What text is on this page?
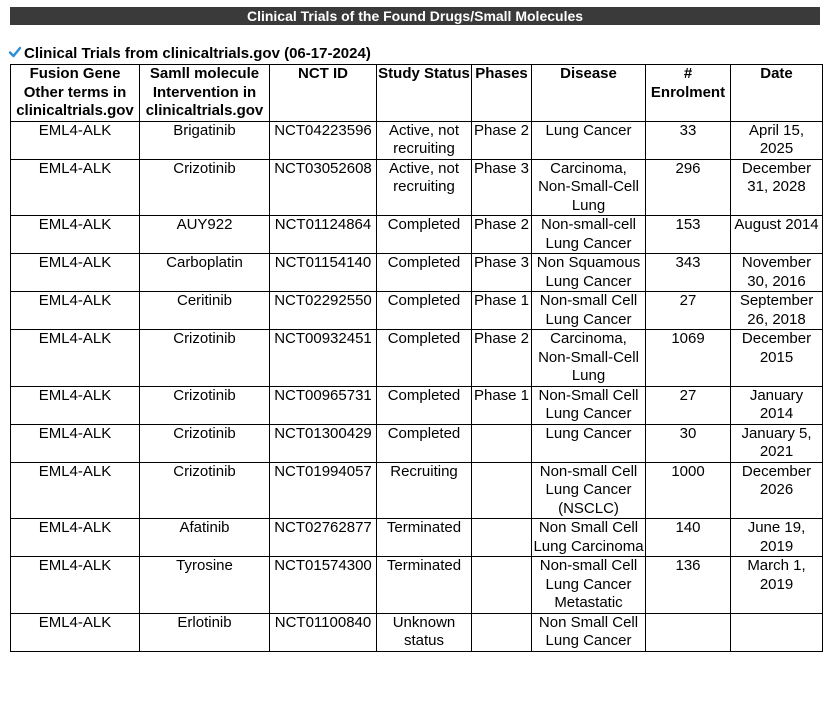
Clinical Trials of the Found Drugs/Small Molecules
Clinical Trials from clinicaltrials.gov (06-17-2024)
Fusion Gene Other terms in clinicaltrials.gov	Samll molecule Intervention in clinicaltrials.gov	NCT ID	Study Status	Phases	Disease	# Enrolment	Date
EML4-ALK	Brigatinib	NCT04223596	Active, not recruiting	Phase 2	Lung Cancer	33	April 15, 2025
EML4-ALK	Crizotinib	NCT03052608	Active, not recruiting	Phase 3	Carcinoma, Non-Small-Cell Lung	296	December 31, 2028
EML4-ALK	AUY922	NCT01124864	Completed	Phase 2	Non-small-cell Lung Cancer	153	August 2014
EML4-ALK	Carboplatin	NCT01154140	Completed	Phase 3	Non Squamous Lung Cancer	343	November 30, 2016
EML4-ALK	Ceritinib	NCT02292550	Completed	Phase 1	Non-small Cell Lung Cancer	27	September 26, 2018
EML4-ALK	Crizotinib	NCT00932451	Completed	Phase 2	Carcinoma, Non-Small-Cell Lung	1069	December 2015
EML4-ALK	Crizotinib	NCT00965731	Completed	Phase 1	Non-Small Cell Lung Cancer	27	January 2014
EML4-ALK	Crizotinib	NCT01300429	Completed		Lung Cancer	30	January 5, 2021
EML4-ALK	Crizotinib	NCT01994057	Recruiting		Non-small Cell Lung Cancer (NSCLC)	1000	December 2026
EML4-ALK	Afatinib	NCT02762877	Terminated		Non Small Cell Lung Carcinoma	140	June 19, 2019
EML4-ALK	Tyrosine	NCT01574300	Terminated		Non-small Cell Lung Cancer Metastatic	136	March 1, 2019
EML4-ALK	Erlotinib	NCT01100840	Unknown status		Non Small Cell Lung Cancer		
